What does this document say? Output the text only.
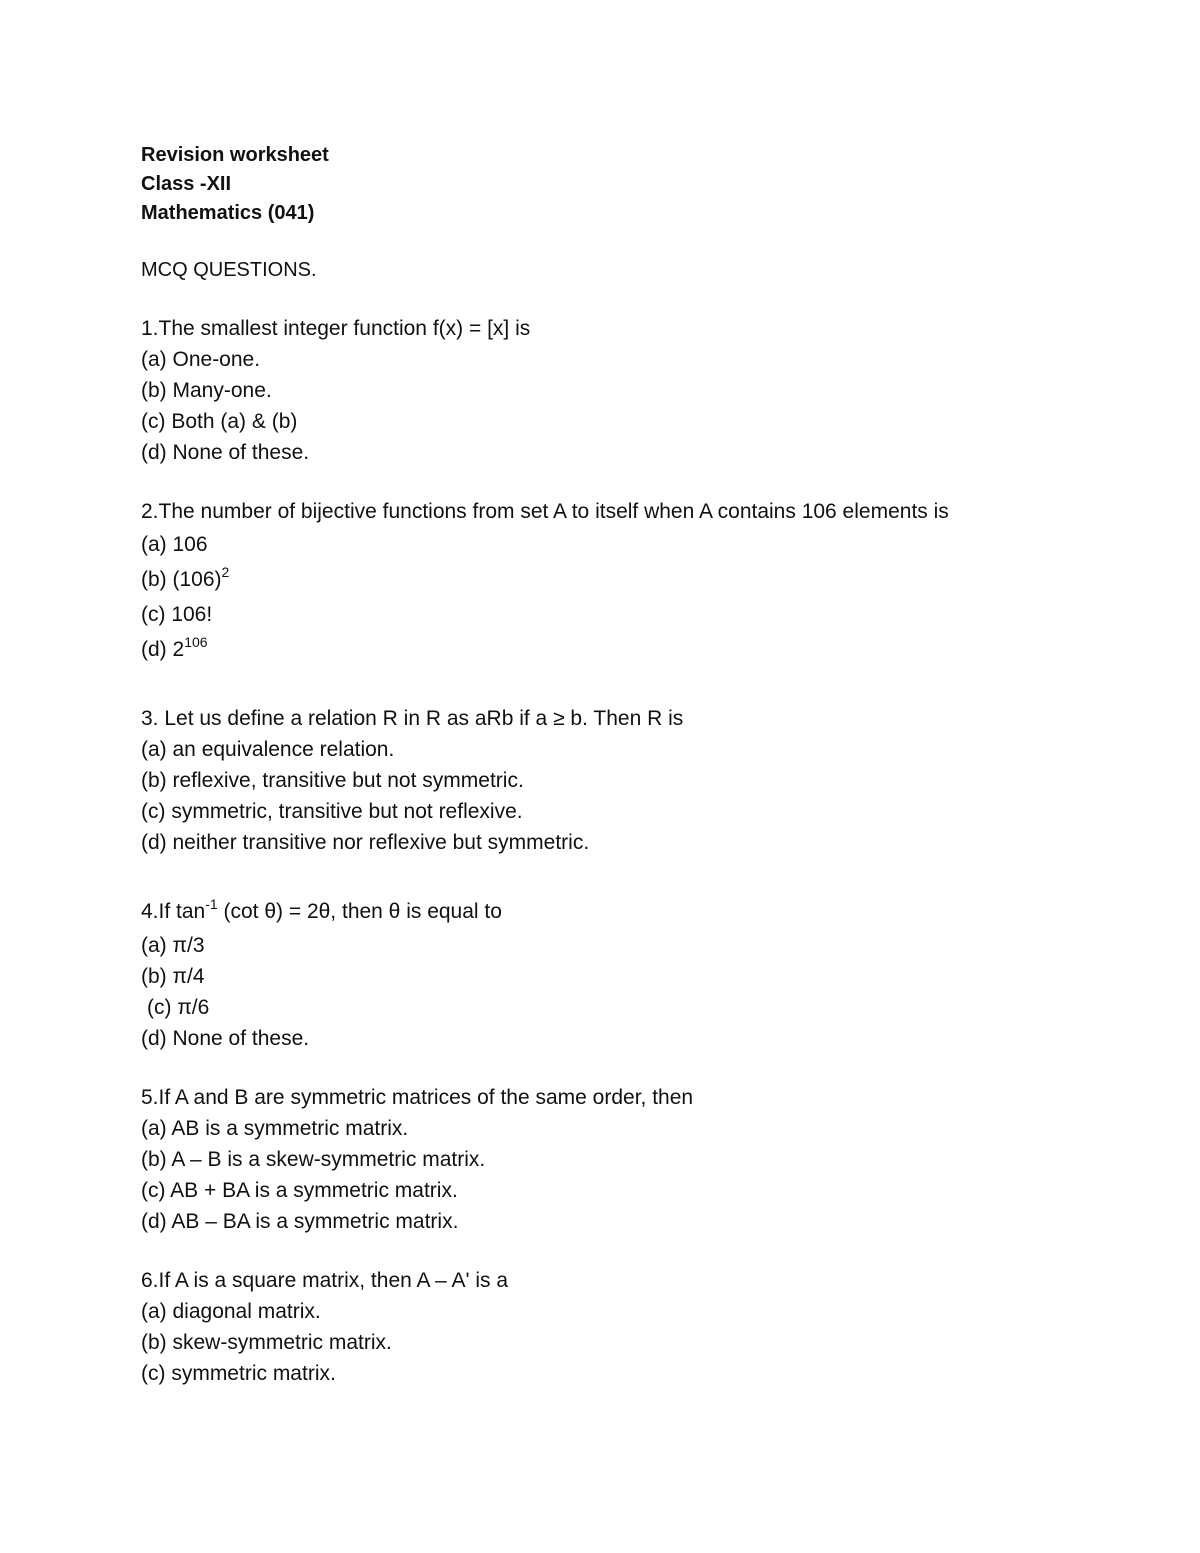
Revision worksheet
Class -XII
Mathematics (041)
MCQ QUESTIONS.
1.The smallest integer function f(x) = [x] is
(a) One-one.
(b) Many-one.
(c) Both (a) & (b)
(d) None of these.
2.The number of bijective functions from set A to itself when A contains 106 elements is
(a) 106
(b) $(106)^2$
(c) 106!
(d) $2^{106}$
3. Let us define a relation R in R as aRb if a ≥ b. Then R is
(a) an equivalence relation.
(b) reflexive, transitive but not symmetric.
(c) symmetric, transitive but not reflexive.
(d) neither transitive nor reflexive but symmetric.
4.If $\tan^{-1} (\cot$ θ) = 2θ, then θ is equal to
(a) π/3
(b) π/4
(c) π/6
(d) None of these.
5.If A and B are symmetric matrices of the same order, then
(a) AB is a symmetric matrix.
(b) A – B is a skew-symmetric matrix.
(c) AB + BA is a symmetric matrix.
(d) AB – BA is a symmetric matrix.
6.If A is a square matrix, then A – A' is a
(a) diagonal matrix.
(b) skew-symmetric matrix.
(c) symmetric matrix.
